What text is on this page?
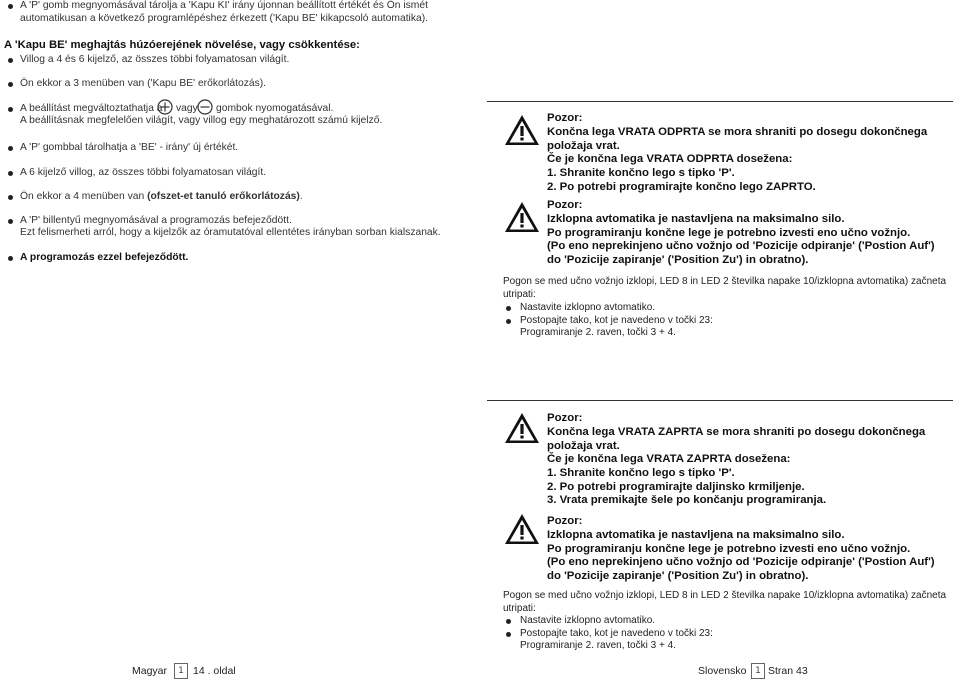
A 'P' gomb megnyomásával tárolja a 'Kapu KI' irány újonnan beállított értékét és Ön ismét
automatikusan a következő programlépéshez érkezett ('Kapu BE' kikapcsoló automatika).
A 'Kapu BE' meghajtás húzóerejének növelése, vagy csökkentése:
Villog a 4 és 6 kijelző, az összes többi folyamatosan világít.
Ön ekkor a 3 menüben van ('Kapu BE' erőkorlátozás).
A beállítást megváltoztathatja a vagy gombok nyomogatásával.
A beállításnak megfelelően világít, vagy villog egy meghatározott számú kijelző.
A 'P' gombbal tárolhatja a 'BE' - irány' új értékét.
A 6 kijelző villog, az összes többi folyamatosan világít.
Ön ekkor a 4 menüben van (ofszet-et tanuló erőkorlátozás).
A 'P' billentyű megnyomásával a programozás befejeződött.
Ezt felismerheti arról, hogy a kijelzők az óramutatóval ellentétes irányban sorban kialszanak.
A programozás ezzel befejeződött.
Pozor:
Končna lega VRATA ODPRTA se mora shraniti po dosegu dokončnega
položaja vrat.
Če je končna lega VRATA ODPRTA dosežena:
1. Shranite končno lego s tipko 'P'.
2. Po potrebi programirajte končno lego ZAPRTO.
Pozor:
Izklopna avtomatika je nastavljena na maksimalno silo.
Po programiranju končne lege je potrebno izvesti eno učno vožnjo.
(Po eno neprekinjeno učno vožnjo od 'Pozicije odpiranje' ('Postion Auf')
do 'Pozicije zapiranje' ('Position Zu') in obratno).
Pogon se med učno vožnjo izklopi, LED 8 in LED 2 številka napake 10/izklopna avtomatika) začneta
utripati:
Nastavite izklopno avtomatiko.
Postopajte tako, kot je navedeno v točki 23:
Programiranje 2. raven, točki 3 + 4.
Pozor:
Končna lega VRATA ZAPRTA se mora shraniti po dosegu dokončnega
položaja vrat.
Če je končna lega VRATA ZAPRTA dosežena:
1. Shranite končno lego s tipko 'P'.
2. Po potrebi programirajte daljinsko krmiljenje.
3. Vrata premikajte šele po končanju programiranja.
Pozor:
Izklopna avtomatika je nastavljena na maksimalno silo.
Po programiranju končne lege je potrebno izvesti eno učno vožnjo.
(Po eno neprekinjeno učno vožnjo od 'Pozicije odpiranje' ('Postion Auf')
do 'Pozicije zapiranje' ('Position Zu') in obratno).
Pogon se med učno vožnjo izklopi, LED 8 in LED 2 številka napake 10/izklopna avtomatika) začneta
utripati:
Nastavite izklopno avtomatiko.
Postopajte tako, kot je navedeno v točki 23:
Programiranje 2. raven, točki 3 + 4.
Magyar	1 14 . oldal	Slovensko 1 Stran 43
